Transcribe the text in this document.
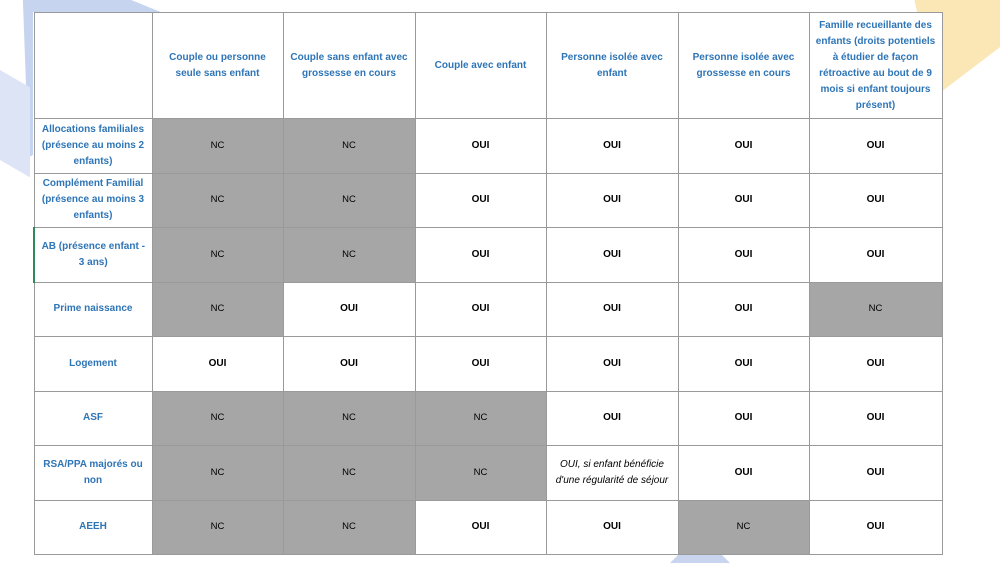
	Couple ou personne seule sans enfant	Couple sans enfant avec grossesse en cours	Couple avec enfant	Personne isolée avec enfant	Personne isolée avec grossesse en cours	Famille recueillante des enfants (droits potentiels à étudier de façon rétroactive au bout de 9 mois si enfant toujours présent)
Allocations familiales (présence au moins 2 enfants)	NC	NC	OUI	OUI	OUI	OUI
Complément Familial (présence au moins 3 enfants)	NC	NC	OUI	OUI	OUI	OUI
AB (présence enfant - 3 ans)	NC	NC	OUI	OUI	OUI	OUI
Prime naissance	NC	OUI	OUI	OUI	OUI	NC
Logement	OUI	OUI	OUI	OUI	OUI	OUI
ASF	NC	NC	NC	OUI	OUI	OUI
RSA/PPA majorés ou non	NC	NC	NC	OUI, si enfant bénéficie d'une régularité de séjour	OUI	OUI
AEEH	NC	NC	OUI	OUI	NC	OUI
